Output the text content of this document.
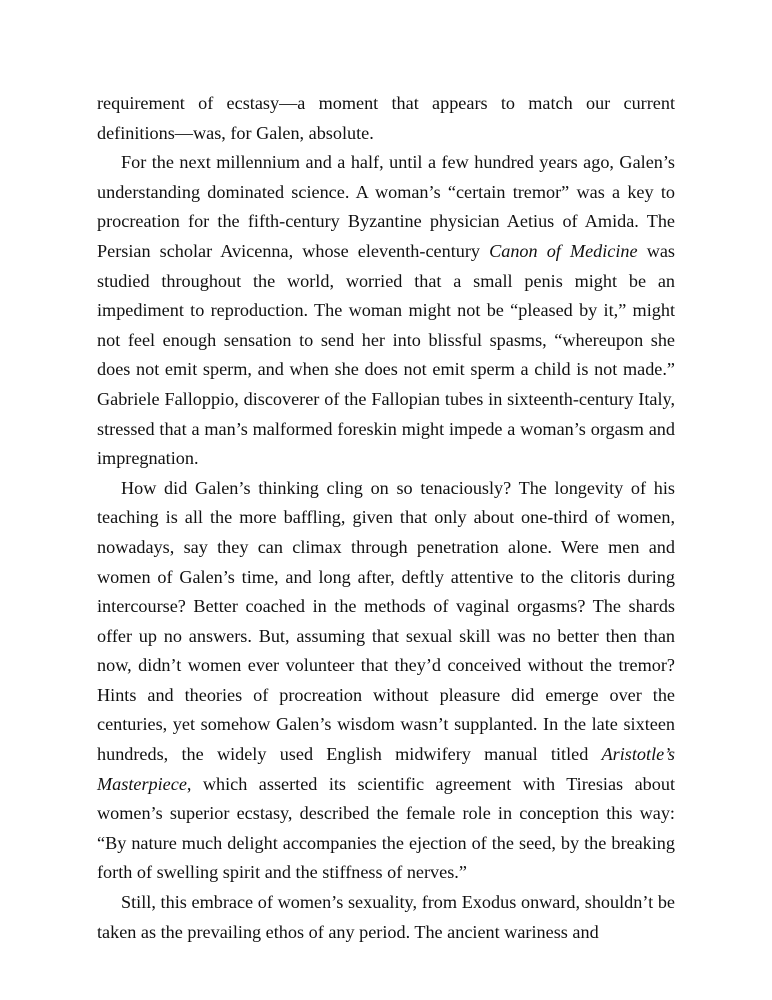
requirement of ecstasy—a moment that appears to match our current definitions—was, for Galen, absolute.

For the next millennium and a half, until a few hundred years ago, Galen’s understanding dominated science. A woman’s “certain tremor” was a key to procreation for the fifth-century Byzantine physician Aetius of Amida. The Persian scholar Avicenna, whose eleventh-century Canon of Medicine was studied throughout the world, worried that a small penis might be an impediment to reproduction. The woman might not be “pleased by it,” might not feel enough sensation to send her into blissful spasms, “whereupon she does not emit sperm, and when she does not emit sperm a child is not made.” Gabriele Falloppio, discoverer of the Fallopian tubes in sixteenth-century Italy, stressed that a man’s malformed foreskin might impede a woman’s orgasm and impregnation.

How did Galen’s thinking cling on so tenaciously? The longevity of his teaching is all the more baffling, given that only about one-third of women, nowadays, say they can climax through penetration alone. Were men and women of Galen’s time, and long after, deftly attentive to the clitoris during intercourse? Better coached in the methods of vaginal orgasms? The shards offer up no answers. But, assuming that sexual skill was no better then than now, didn’t women ever volunteer that they’d conceived without the tremor? Hints and theories of procreation without pleasure did emerge over the centuries, yet somehow Galen’s wisdom wasn’t supplanted. In the late sixteen hundreds, the widely used English midwifery manual titled Aristotle’s Masterpiece, which asserted its scientific agreement with Tiresias about women’s superior ecstasy, described the female role in conception this way: “By nature much delight accompanies the ejection of the seed, by the breaking forth of swelling spirit and the stiffness of nerves.”

Still, this embrace of women’s sexuality, from Exodus onward, shouldn’t be taken as the prevailing ethos of any period. The ancient wariness and
